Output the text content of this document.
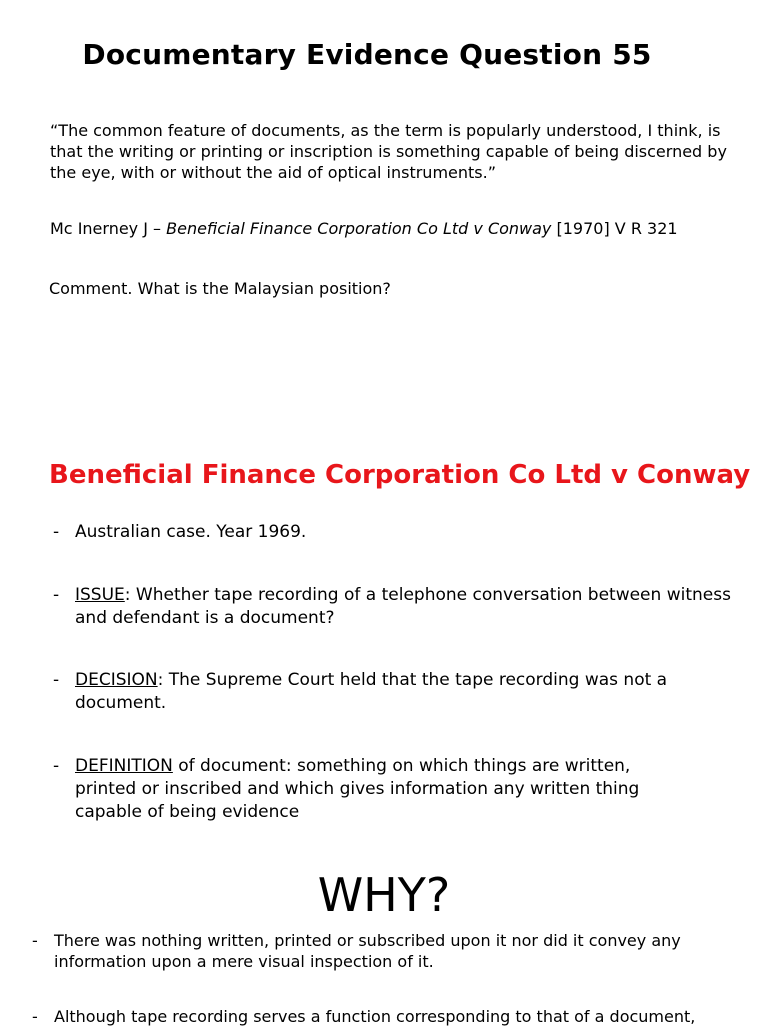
Documentary Evidence Question 55

“The common feature of documents, as the term is popularly understood, I think, is that the writing or printing or inscription is something capable of being discerned by the eye, with or without the aid of optical instruments.”

Mc Inerney J – Beneficial Finance Corporation Co Ltd v Conway [1970] V R 321

Comment. What is the Malaysian position?

Beneficial Finance Corporation Co Ltd v Conway

- Australian case. Year 1969.

- ISSUE: Whether tape recording of a telephone conversation between witness and defendant is a document?

- DECISION: The Supreme Court held that the tape recording was not a document.

- DEFINITION of document: something on which things are written, printed or inscribed and which gives information any written thing capable of being evidence

WHY?

- There was nothing written, printed or subscribed upon it nor did it convey any information upon a mere visual inspection of it.

- Although tape recording serves a function corresponding to that of a document,
